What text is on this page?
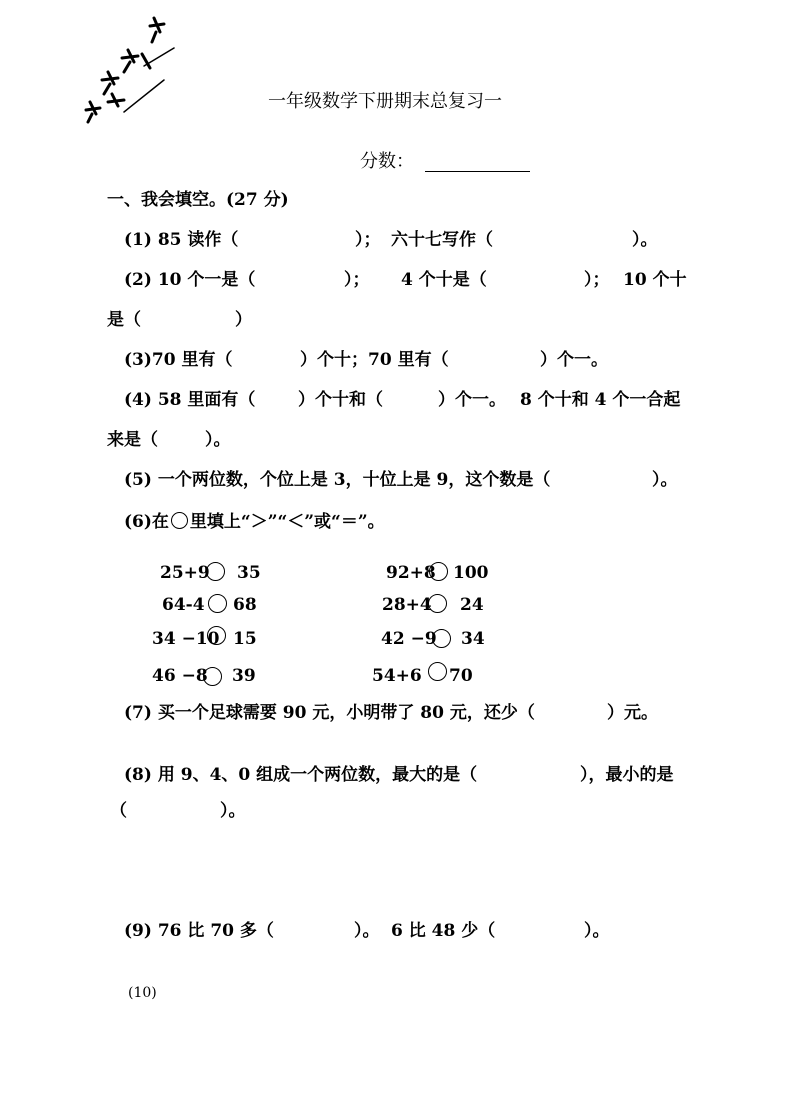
一年级数学下册期末总复习一
分数：
一、我会填空。(27 分)
(1) 85 读作（	）； 六十七写作（	）。
(2) 10 个一是（	）； 4 个十是（	）； 10 个十
是（	）
(3)70 里有（	）个十；70 里有（	）个一。
(4) 58 里面有（	）个十和（	）个一。 8 个十和 4 个一合起
来是（	）。
(5) 一个两位数，个位上是 3，十位上是 9，这个数是（	）。
(6)在 里填上“＞”“＜”或“＝”。
25+9 35	92+8 100
64-4 68	28+4 24
34 −10 15	42 −9 34
46 −8 39	54+6 70
(7) 买一个足球需要 90 元，小明带了 80 元，还少（	）元。
(8) 用 9、4、0 组成一个两位数，最大的是（	），最小的是
（	）。
(9) 76 比 70 多（	）。 6 比 48 少（	）。
(10)
